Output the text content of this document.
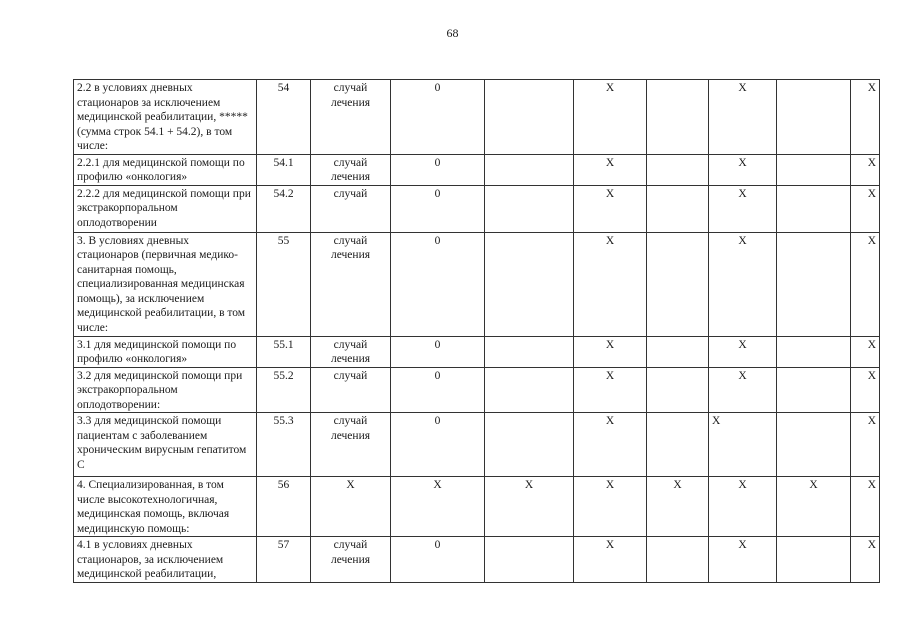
68
2.2 в условиях дневных стационаров за исключением медицинской реабилитации, ***** (сумма строк 54.1 + 54.2), в том числе:	54	случай лечения	0		Х		Х		Х
2.2.1 для медицинской помощи по профилю «онкология»	54.1	случай лечения	0		Х		Х		Х
2.2.2 для медицинской помощи при экстракорпоральном оплодотворении	54.2	случай	0		Х		Х		Х
3. В условиях дневных стационаров (первичная медико-санитарная помощь, специализированная медицинская помощь), за исключением медицинской реабилитации, в том числе:	55	случай лечения	0		Х		Х		Х
3.1 для медицинской помощи по профилю «онкология»	55.1	случай лечения	0		Х		Х		Х
3.2 для медицинской помощи при экстракорпоральном оплодотворении:	55.2	случай	0		Х		Х		Х
3.3 для медицинской помощи пациентам с заболеванием хроническим вирусным гепатитом С	55.3	случай лечения	0		Х		Х		Х
4. Специализированная, в том числе высокотехнологичная, медицинская помощь, включая медицинскую помощь:	56	Х	Х	Х	Х	Х	Х	Х	Х
4.1 в условиях дневных стационаров, за исключением медицинской реабилитации,	57	случай лечения	0		Х		Х		Х
